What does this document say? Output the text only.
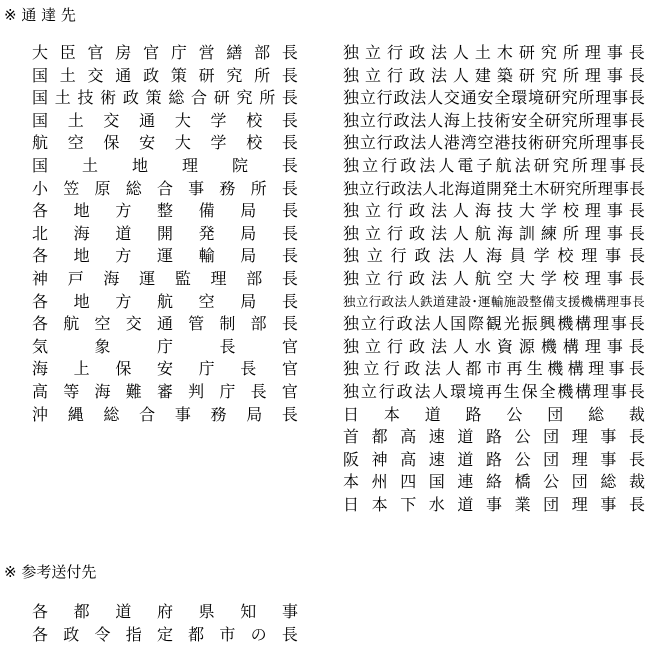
※ 通 達 先
大 臣 官 房 官 庁 営 繕 部 長
国 土 交 通 政 策 研 究 所 長
国 土 技 術 政 策 総 合 研 究 所 長
国 土 交 通 大 学 校 長
航 空 保 安 大 学 校 長
国 土 地 理 院 長
小 笠 原 総 合 事 務 所 長
各 地 方 整 備 局 長
北 海 道 開 発 局 長
各 地 方 運 輸 局 長
神 戸 海 運 監 理 部 長
各 地 方 航 空 局 長
各 航 空 交 通 管 制 部 長
気	象	庁	長	官
海 上 保 安 庁 長 官
高 等 海 難 審 判 庁 長 官
沖 縄 総 合 事 務 局 長
独 立 行 政 法 人 土 木 研 究 所 理 事 長
独 立 行 政 法 人 建 築 研 究 所 理 事 長
独 立 行 政 法 人 交 通 安 全 環 境 研 究 所 理 事 長
独 立 行 政 法 人 海 上 技 術 安 全 研 究 所 理 事 長
独 立 行 政 法 人 港 湾 空 港 技 術 研 究 所 理 事 長
独 立 行 政 法 人 電 子 航 法 研 究 所 理 事 長
独 立 行 政 法 人 北 海 道 開 発 土 木 研 究 所 理 事 長
独 立 行 政 法 人 海 技 大 学 校 理 事 長
独 立 行 政 法 人 航 海 訓 練 所 理 事 長
独 立 行 政 法 人 海 員 学 校 理 事 長
独 立 行 政 法 人 航 空 大 学 校 理 事 長
独 立 行 政 法 人 鉄 道 建 設 ･ 運 輸 施 設 整 備 支 援 機 構 理 事 長
独 立 行 政 法 人 国 際 観 光 振 興 機 構 理 事 長
独 立 行 政 法 人 水 資 源 機 構 理 事 長
独 立 行 政 法 人 都 市 再 生 機 構 理 事 長
独 立 行 政 法 人 環 境 再 生 保 全 機 構 理 事 長
日 本 道 路 公 団 総 裁
首 都 高 速 道 路 公 団 理 事 長
阪 神 高 速 道 路 公 団 理 事 長
本 州 四 国 連 絡 橋 公 団 総 裁
日 本 下 水 道 事 業 団 理 事 長
※ 参考送付先
各 都 道 府 県 知 事
各 政 令 指 定 都 市 の 長
